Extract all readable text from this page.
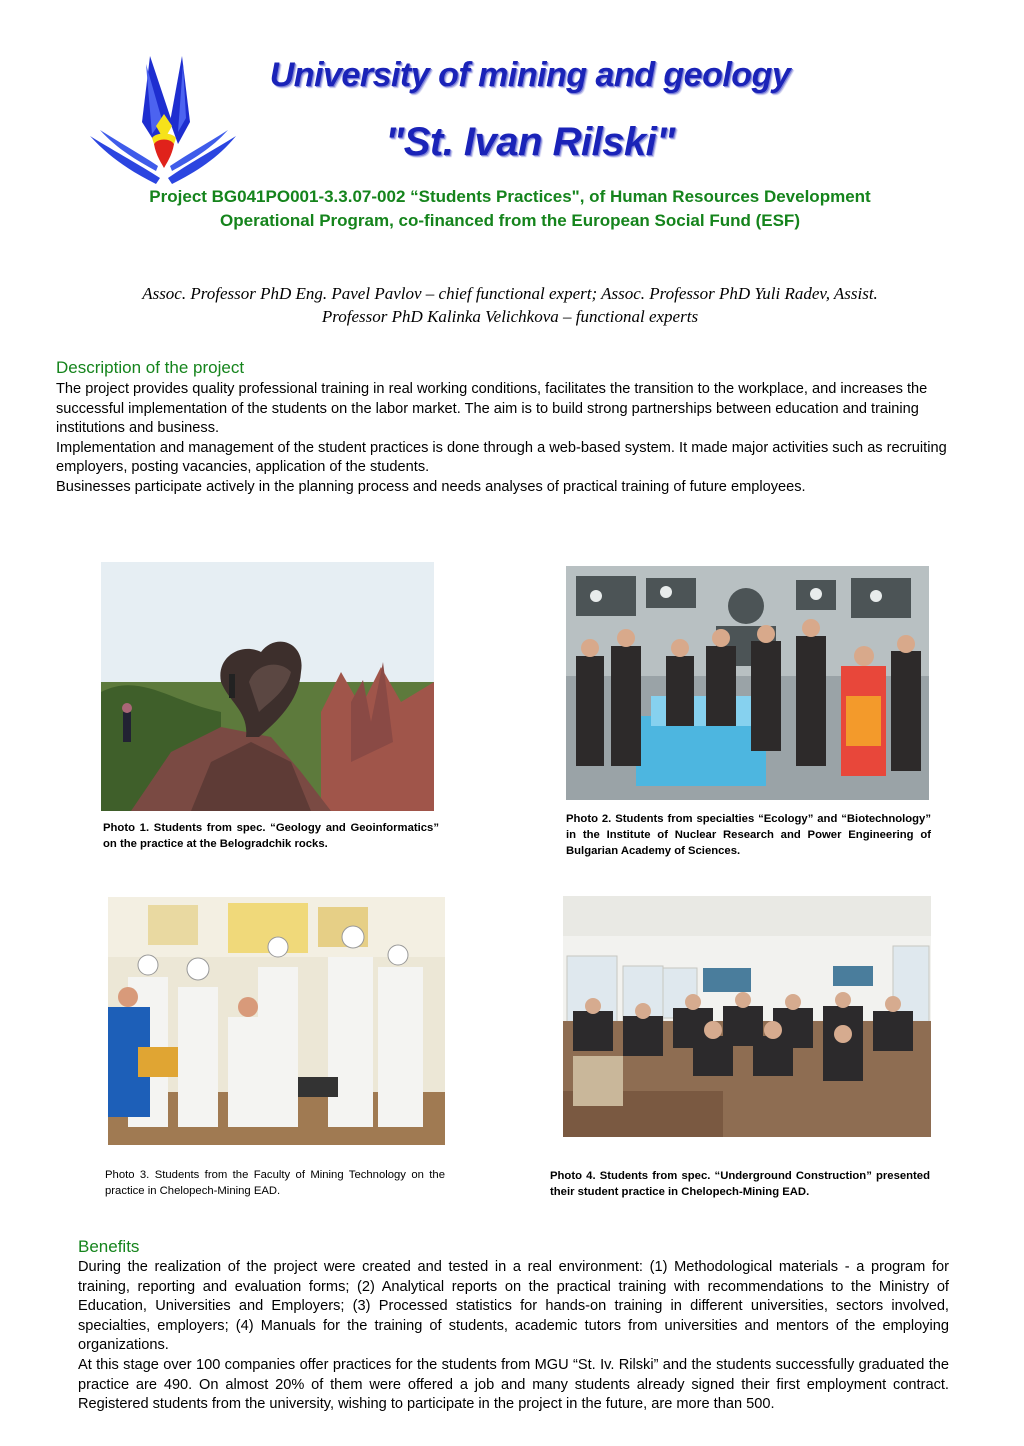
University of mining and geology
"St. Ivan Rilski"
Project BG041PO001-3.3.07-002 “Students Practices", of Human Resources Development Operational Program, co-financed from the European Social Fund (ESF)
Assoc. Professor PhD Eng. Pavel Pavlov – chief functional expert; Assoc. Professor PhD Yuli Radev, Assist. Professor PhD Kalinka Velichkova – functional experts
Description of the project

The project provides quality professional training in real working conditions, facilitates the transition to the workplace, and increases the successful implementation of the students on the labor market. The aim is to build strong partnerships between education and training institutions and business.

Implementation and management of the student practices is done through a web-based system. It made major activities such as recruiting employers, posting vacancies, application of the students.

Businesses participate actively in the planning process and needs analyses of practical training of future employees.

Photo 1. Students from spec. “Geology and Geoinformatics” on the practice at the Belogradchik rocks.
Photo 2. Students from specialties “Ecology” and “Biotechnology” in the Institute of Nuclear Research and Power Engineering of Bulgarian Academy of Sciences.
Photo 3. Students from the Faculty of Mining Technology on the practice in Chelopech-Mining EAD.
Photo 4. Students from spec. “Underground Construction” presented their student practice in Chelopech-Mining EAD.
Benefits

During the realization of the project were created and tested in a real environment: (1) Methodological materials - a program for training, reporting and evaluation forms; (2) Analytical reports on the practical training with recommendations to the Ministry of Education, Universities and Employers; (3) Processed statistics for hands-on training in different universities, sectors involved, specialties, employers; (4) Manuals for the training of students, academic tutors from universities and mentors of the employing organizations.

At this stage over 100 companies offer practices for the students from MGU “St. Iv. Rilski” and the students successfully graduated the practice are 490. On almost 20% of them were offered a job and many students already signed their first employment contract. Registered students from the university, wishing to participate in the project in the future, are more than 500.
